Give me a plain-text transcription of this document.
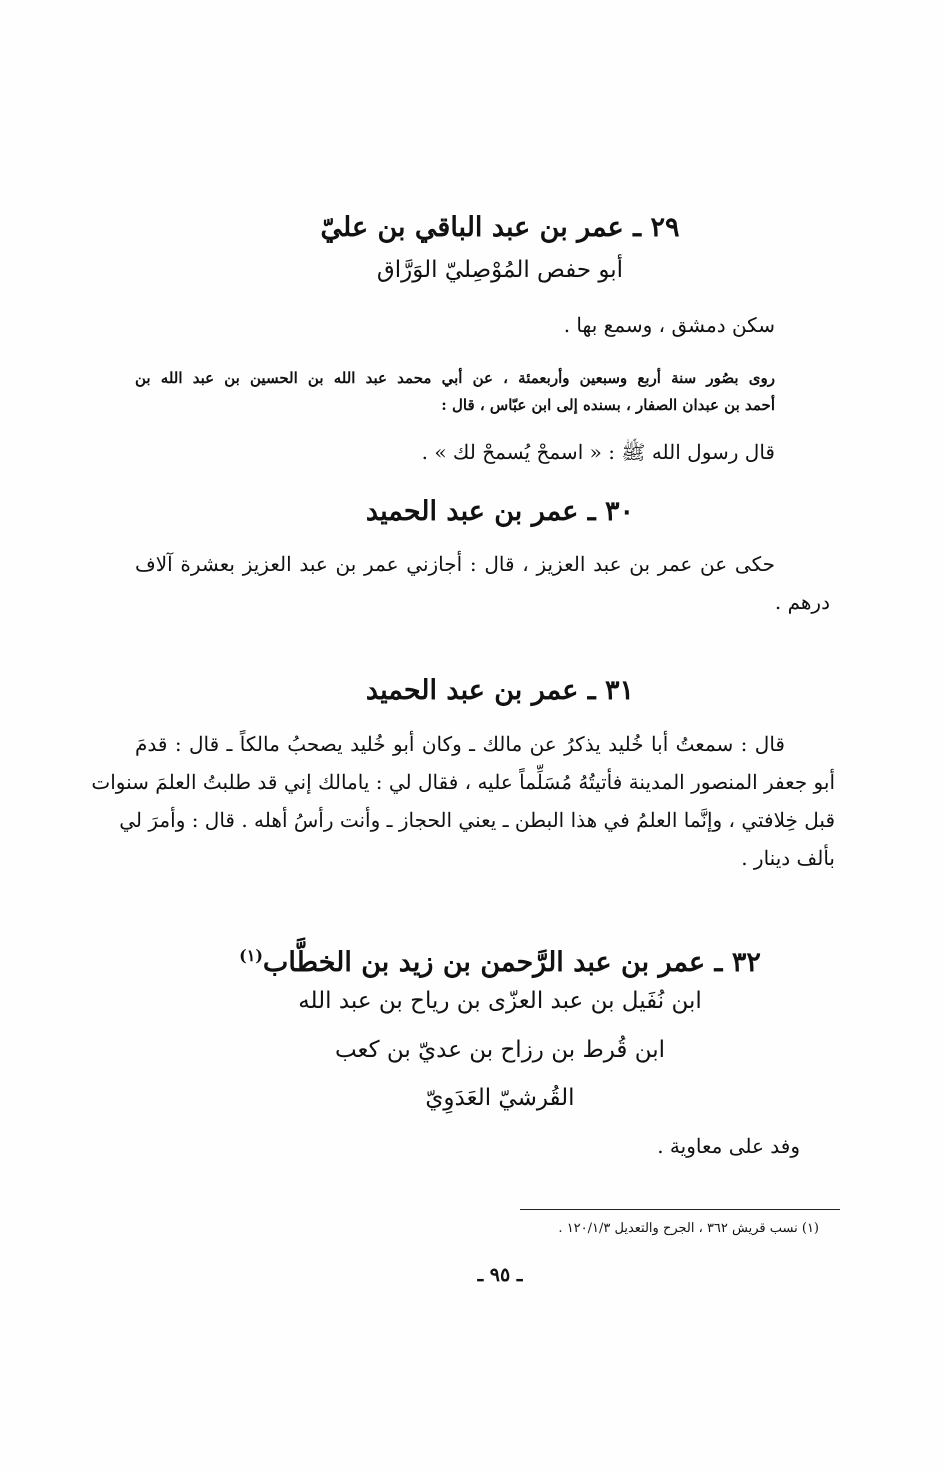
٢٩ ـ عمر بن عبد الباقي بن عليّ
أبو حفص المُوْصِليّ الوَرَّاق
سكن دمشق ، وسمع بها .
روى بصُور سنة أربع وسبعين وأربعمئة ، عن أبي محمد عبد الله بن الحسين بن عبد الله بن
أحمد بن عبدان الصفار ، بسنده إلى ابن عبّاس ، قال :
قال رسول الله ﷺ : « اسمحْ يُسمحْ لك » .
٣٠ ـ عمر بن عبد الحميد
حكى عن عمر بن عبد العزيز ، قال : أجازني عمر بن عبد العزيز بعشرة آلاف
درهم .
٣١ ـ عمر بن عبد الحميد
قال : سمعتُ أبا خُليد يذكرُ عن مالك ـ وكان أبو خُليد يصحبُ مالكاً ـ قال : قدمَ
أبو جعفر المنصور المدينة فأتيتُهُ مُسَلِّماً عليه ، فقال لي : يامالك إني قد طلبتُ العلمَ سنوات
قبل خِلافتي ، وإنَّما العلمُ في هذا البطن ـ يعني الحجاز ـ وأنت رأسُ أهله . قال : وأمرَ لي
بألف دينار .
٣٢ ـ عمر بن عبد الرَّحمن بن زيد بن الخطَّاب$^{(١)}$
ابن نُفَيل بن عبد العزّى بن رياح بن عبد الله
ابن قُرط بن رزاح بن عديّ بن كعب
القُرشيّ العَدَوِيّ
وفد على معاوية .
(١) نسب قريش ٣٦٢ ، الجرح والتعديل ١٢٠/١/٣ .
ـ ٩٥ ـ
